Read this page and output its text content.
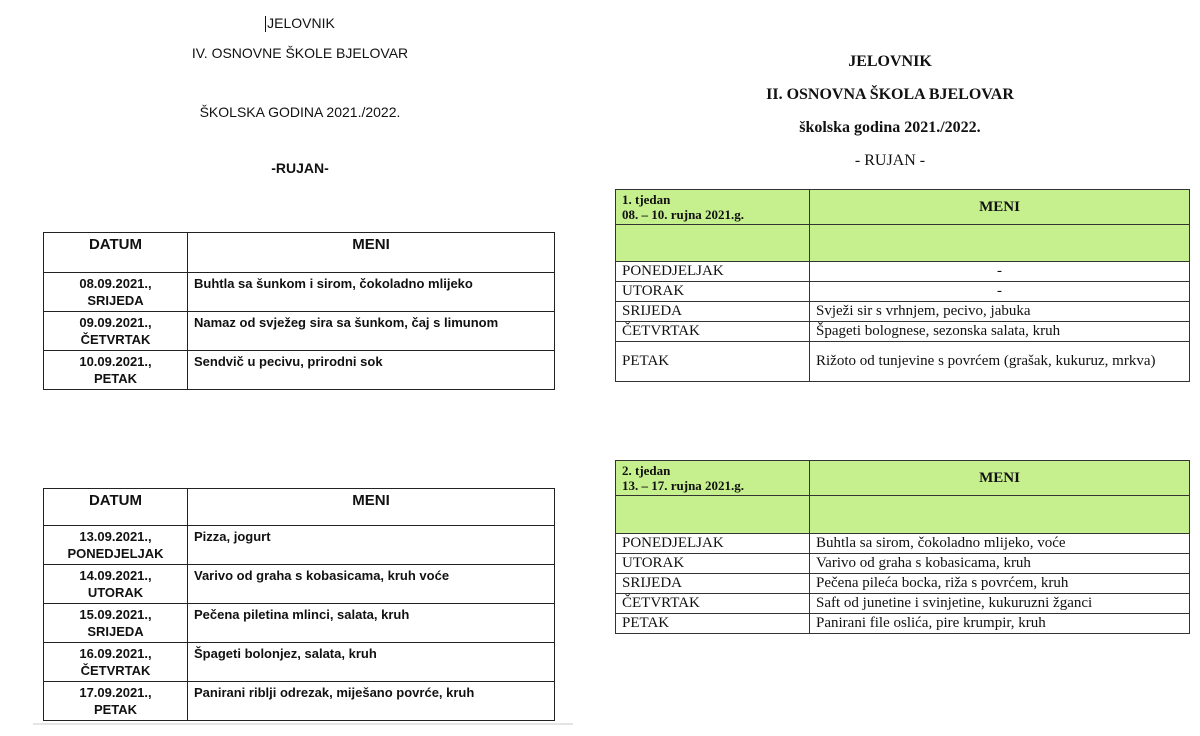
JELOVNIK
IV. OSNOVNE ŠKOLE BJELOVAR
ŠKOLSKA GODINA 2021./2022.
-RUJAN-
DATUM	MENI

08.09.2021.,
SRIJEDA	Buhtla sa šunkom i sirom, čokoladno mlijeko

09.09.2021.,
ČETVRTAK	Namaz od svježeg sira sa šunkom, čaj s limunom

10.09.2021.,
PETAK	Sendvič u pecivu, prirodni sok
DATUM	MENI

13.09.2021.,
PONEDJELJAK	Pizza, jogurt

14.09.2021.,
UTORAK	Varivo od graha s kobasicama, kruh voće

15.09.2021.,
SRIJEDA	Pečena piletina mlinci, salata, kruh

16.09.2021.,
ČETVRTAK	Špageti bolonjez, salata, kruh

17.09.2021.,
PETAK	Panirani riblji odrezak, miješano povrće, kruh
JELOVNIK
II. OSNOVNA ŠKOLA BJELOVAR
školska godina 2021./2022.
- RUJAN -
1. tjedan
08. – 10. rujna 2021.g.	MENI

PONEDJELJAK	-
UTORAK	-
SRIJEDA	Svježi sir s vrhnjem, pecivo, jabuka
ČETVRTAK	Špageti bolognese, sezonska salata, kruh
PETAK	Rižoto od tunjevine s povrćem (grašak, kukuruz, mrkva)
2. tjedan
13. – 17. rujna 2021.g.	MENI

PONEDJELJAK	Buhtla sa sirom, čokoladno mlijeko, voće
UTORAK	Varivo od graha s kobasicama, kruh
SRIJEDA	Pečena pileća bocka, riža s povrćem, kruh
ČETVRTAK	Saft od junetine i svinjetine, kukuruzni žganci
PETAK	Panirani file oslića, pire krumpir, kruh
